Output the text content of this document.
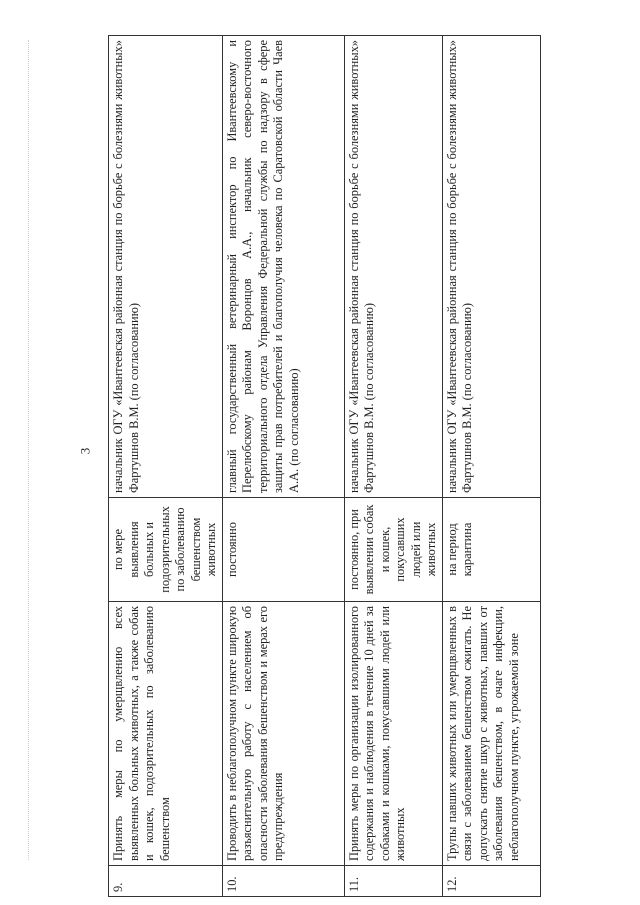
3
9.	Принять меры по умерщвлению всех выявленных больных животных, а также собак и кошек, подозрительных по заболеванию бешенством	по мере выявления больных и подозрительных по заболеванию бешенством животных	начальник ОГУ «Ивантеевская районная станция по борьбе с болезнями животных» Фартушнов В.М. (по согласованию)
10.	Проводить в неблагополучном пункте широкую разъяснительную работу с населением об опасности заболевания бешенством и мерах его предупреждения	постоянно	главный государственный ветеринарный инспектор по Ивантеевскому и Перелюбскому районам Воронцов А.А., начальник северо-восточного территориального отдела Управления Федеральной службы по надзору в сфере защиты прав потребителей и благополучия человека по Саратовской области Чаев А.А. (по согласованию)
11.	Принять меры по организации изолированного содержания и наблюдения в течение 10 дней за собаками и кошками, покусавшими людей или животных	постоянно, при выявлении собак и кошек, покусавших людей или животных	начальник ОГУ «Ивантеевская районная станция по борьбе с болезнями животных» Фартушнов В.М. (по согласованию)
12.	Трупы павших животных или умерщвленных в связи с заболеванием бешенством сжигать. Не допускать снятие шкур с животных, павших от заболевания бешенством, в очаге инфекции, неблагополучном пункте, угрожаемой зоне	на период карантина	начальник ОГУ «Ивантеевская районная станция по борьбе с болезнями животных» Фартушнов В.М. (по согласованию)
